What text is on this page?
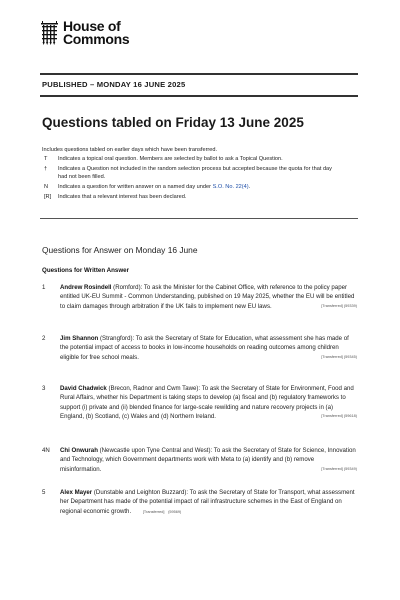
House of
Commons
PUBLISHED – MONDAY 16 JUNE 2025
Questions tabled on Friday 13 June 2025
Includes questions tabled on earlier days which have been transferred.
T	Indicates a topical oral question. Members are selected by ballot to ask a Topical Question.
†	Indicates a Question not included in the random selection process but accepted because the quota for that day had not been filled.
N	Indicates a question for written answer on a named day under S.O. No. 22(4).
[R]	Indicates that a relevant interest has been declared.
Questions for Answer on Monday 16 June
Questions for Written Answer
1	Andrew Rosindell (Romford): To ask the Minister for the Cabinet Office, with reference to the policy paper entitled UK-EU Summit - Common Understanding, published on 19 May 2025, whether the EU will be entitled to claim damages through arbitration if the UK fails to implement new EU laws.	[Transferred] (59339)
2	Jim Shannon (Strangford): To ask the Secretary of State for Education, what assessment she has made of the potential impact of access to books in low-income households on reading outcomes among children eligible for free school meals.	[Transferred] (59345)
3	David Chadwick (Brecon, Radnor and Cwm Tawe): To ask the Secretary of State for Environment, Food and Rural Affairs, whether his Department is taking steps to develop (a) fiscal and (b) regulatory frameworks to support (i) private and (ii) blended finance for large-scale rewilding and nature recovery projects in (a) England, (b) Scotland, (c) Wales and (d) Northern Ireland.	[Transferred] (59618)
4N	Chi Onwurah (Newcastle upon Tyne Central and West): To ask the Secretary of State for Science, Innovation and Technology, which Government departments work with Meta to (a) identify and (b) remove misinformation.	[Transferred] (59349)
5	Alex Mayer (Dunstable and Leighton Buzzard): To ask the Secretary of State for Transport, what assessment her Department has made of the potential impact of rail infrastructure schemes in the East of England on regional economic growth.	[Transferred] (59569)
